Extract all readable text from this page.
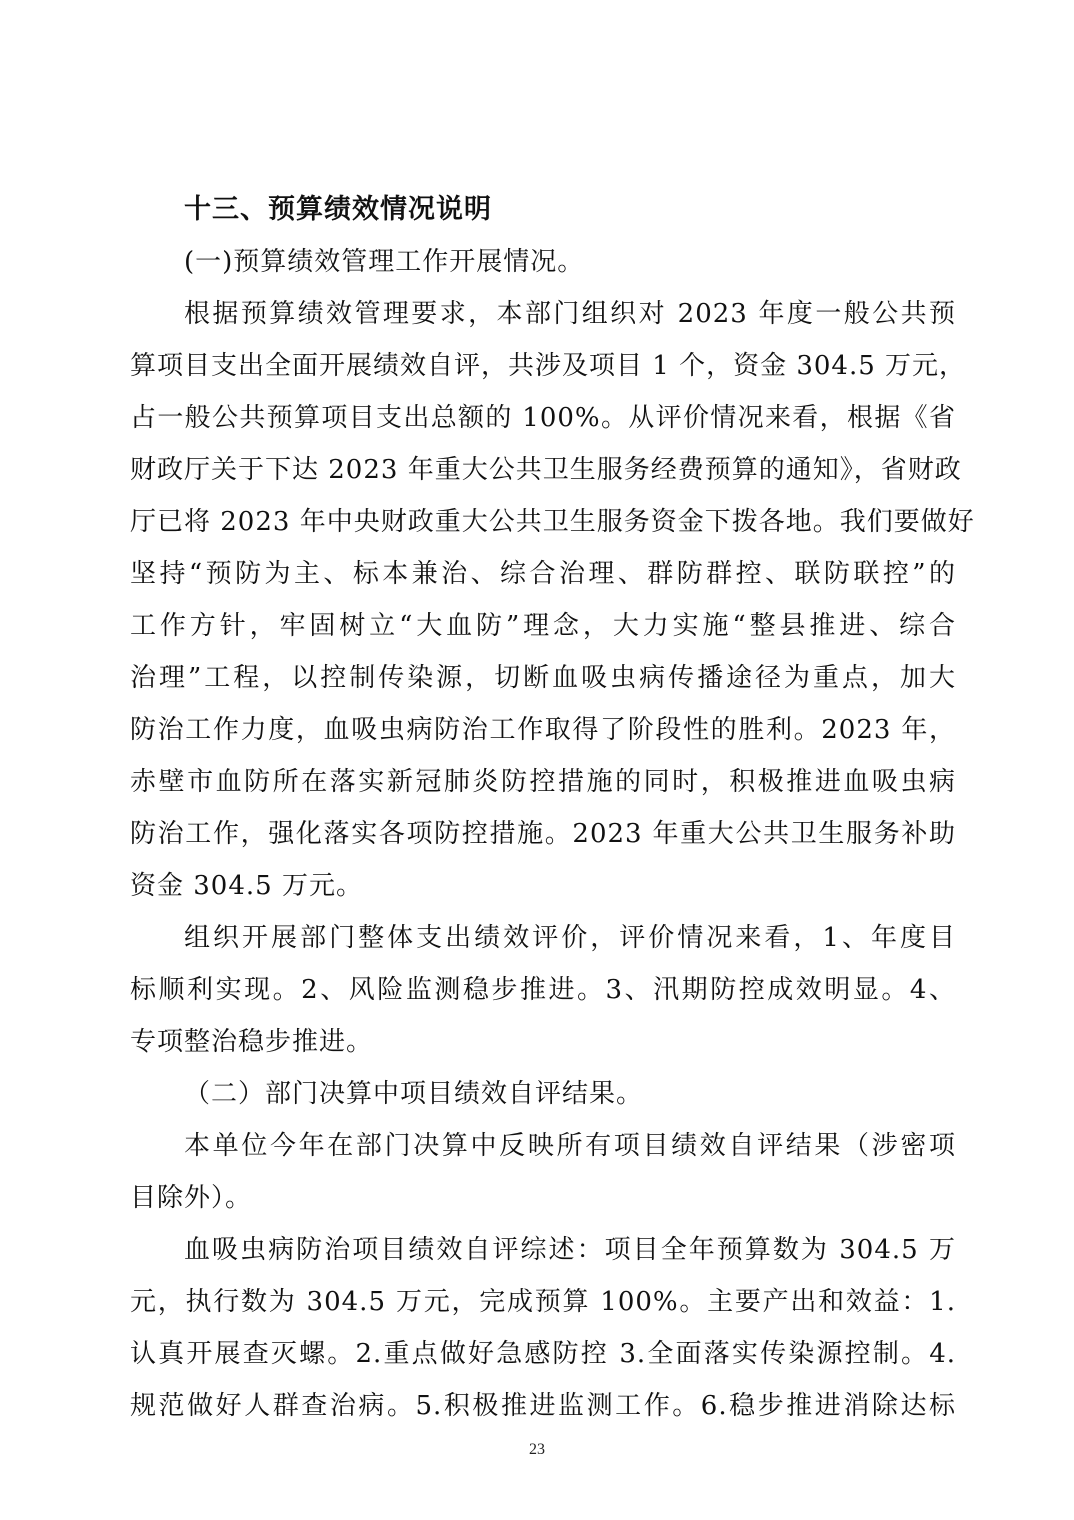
十三、预算绩效情况说明
(一)预算绩效管理工作开展情况。
根据预算绩效管理要求，本部门组织对 2023 年度一般公共预
算项目支出全面开展绩效自评，共涉及项目 1 个，资金 304.5 万元，
占一般公共预算项目支出总额的 100%。从评价情况来看，根据《省
财政厅关于下达 2023 年重大公共卫生服务经费预算的通知》，省财政
厅已将 2023 年中央财政重大公共卫生服务资金下拨各地。我们要做好
坚持“预防为主、标本兼治、综合治理、群防群控、联防联控”的
工作方针，牢固树立“大血防”理念，大力实施“整县推进、综合
治理”工程，以控制传染源，切断血吸虫病传播途径为重点，加大
防治工作力度，血吸虫病防治工作取得了阶段性的胜利。2023 年，
赤壁市血防所在落实新冠肺炎防控措施的同时，积极推进血吸虫病
防治工作，强化落实各项防控措施。2023 年重大公共卫生服务补助
资金 304.5 万元。
组织开展部门整体支出绩效评价，评价情况来看，1、年度目
标顺利实现。2、风险监测稳步推进。3、汛期防控成效明显。4、
专项整治稳步推进。
（二）部门决算中项目绩效自评结果。
本单位今年在部门决算中反映所有项目绩效自评结果（涉密项
目除外）。
血吸虫病防治项目绩效自评综述：项目全年预算数为 304.5 万
元，执行数为 304.5 万元，完成预算 100%。主要产出和效益：1.
认真开展查灭螺。2.重点做好急感防控 3.全面落实传染源控制。4.
规范做好人群查治病。5.积极推进监测工作。6.稳步推进消除达标
23
